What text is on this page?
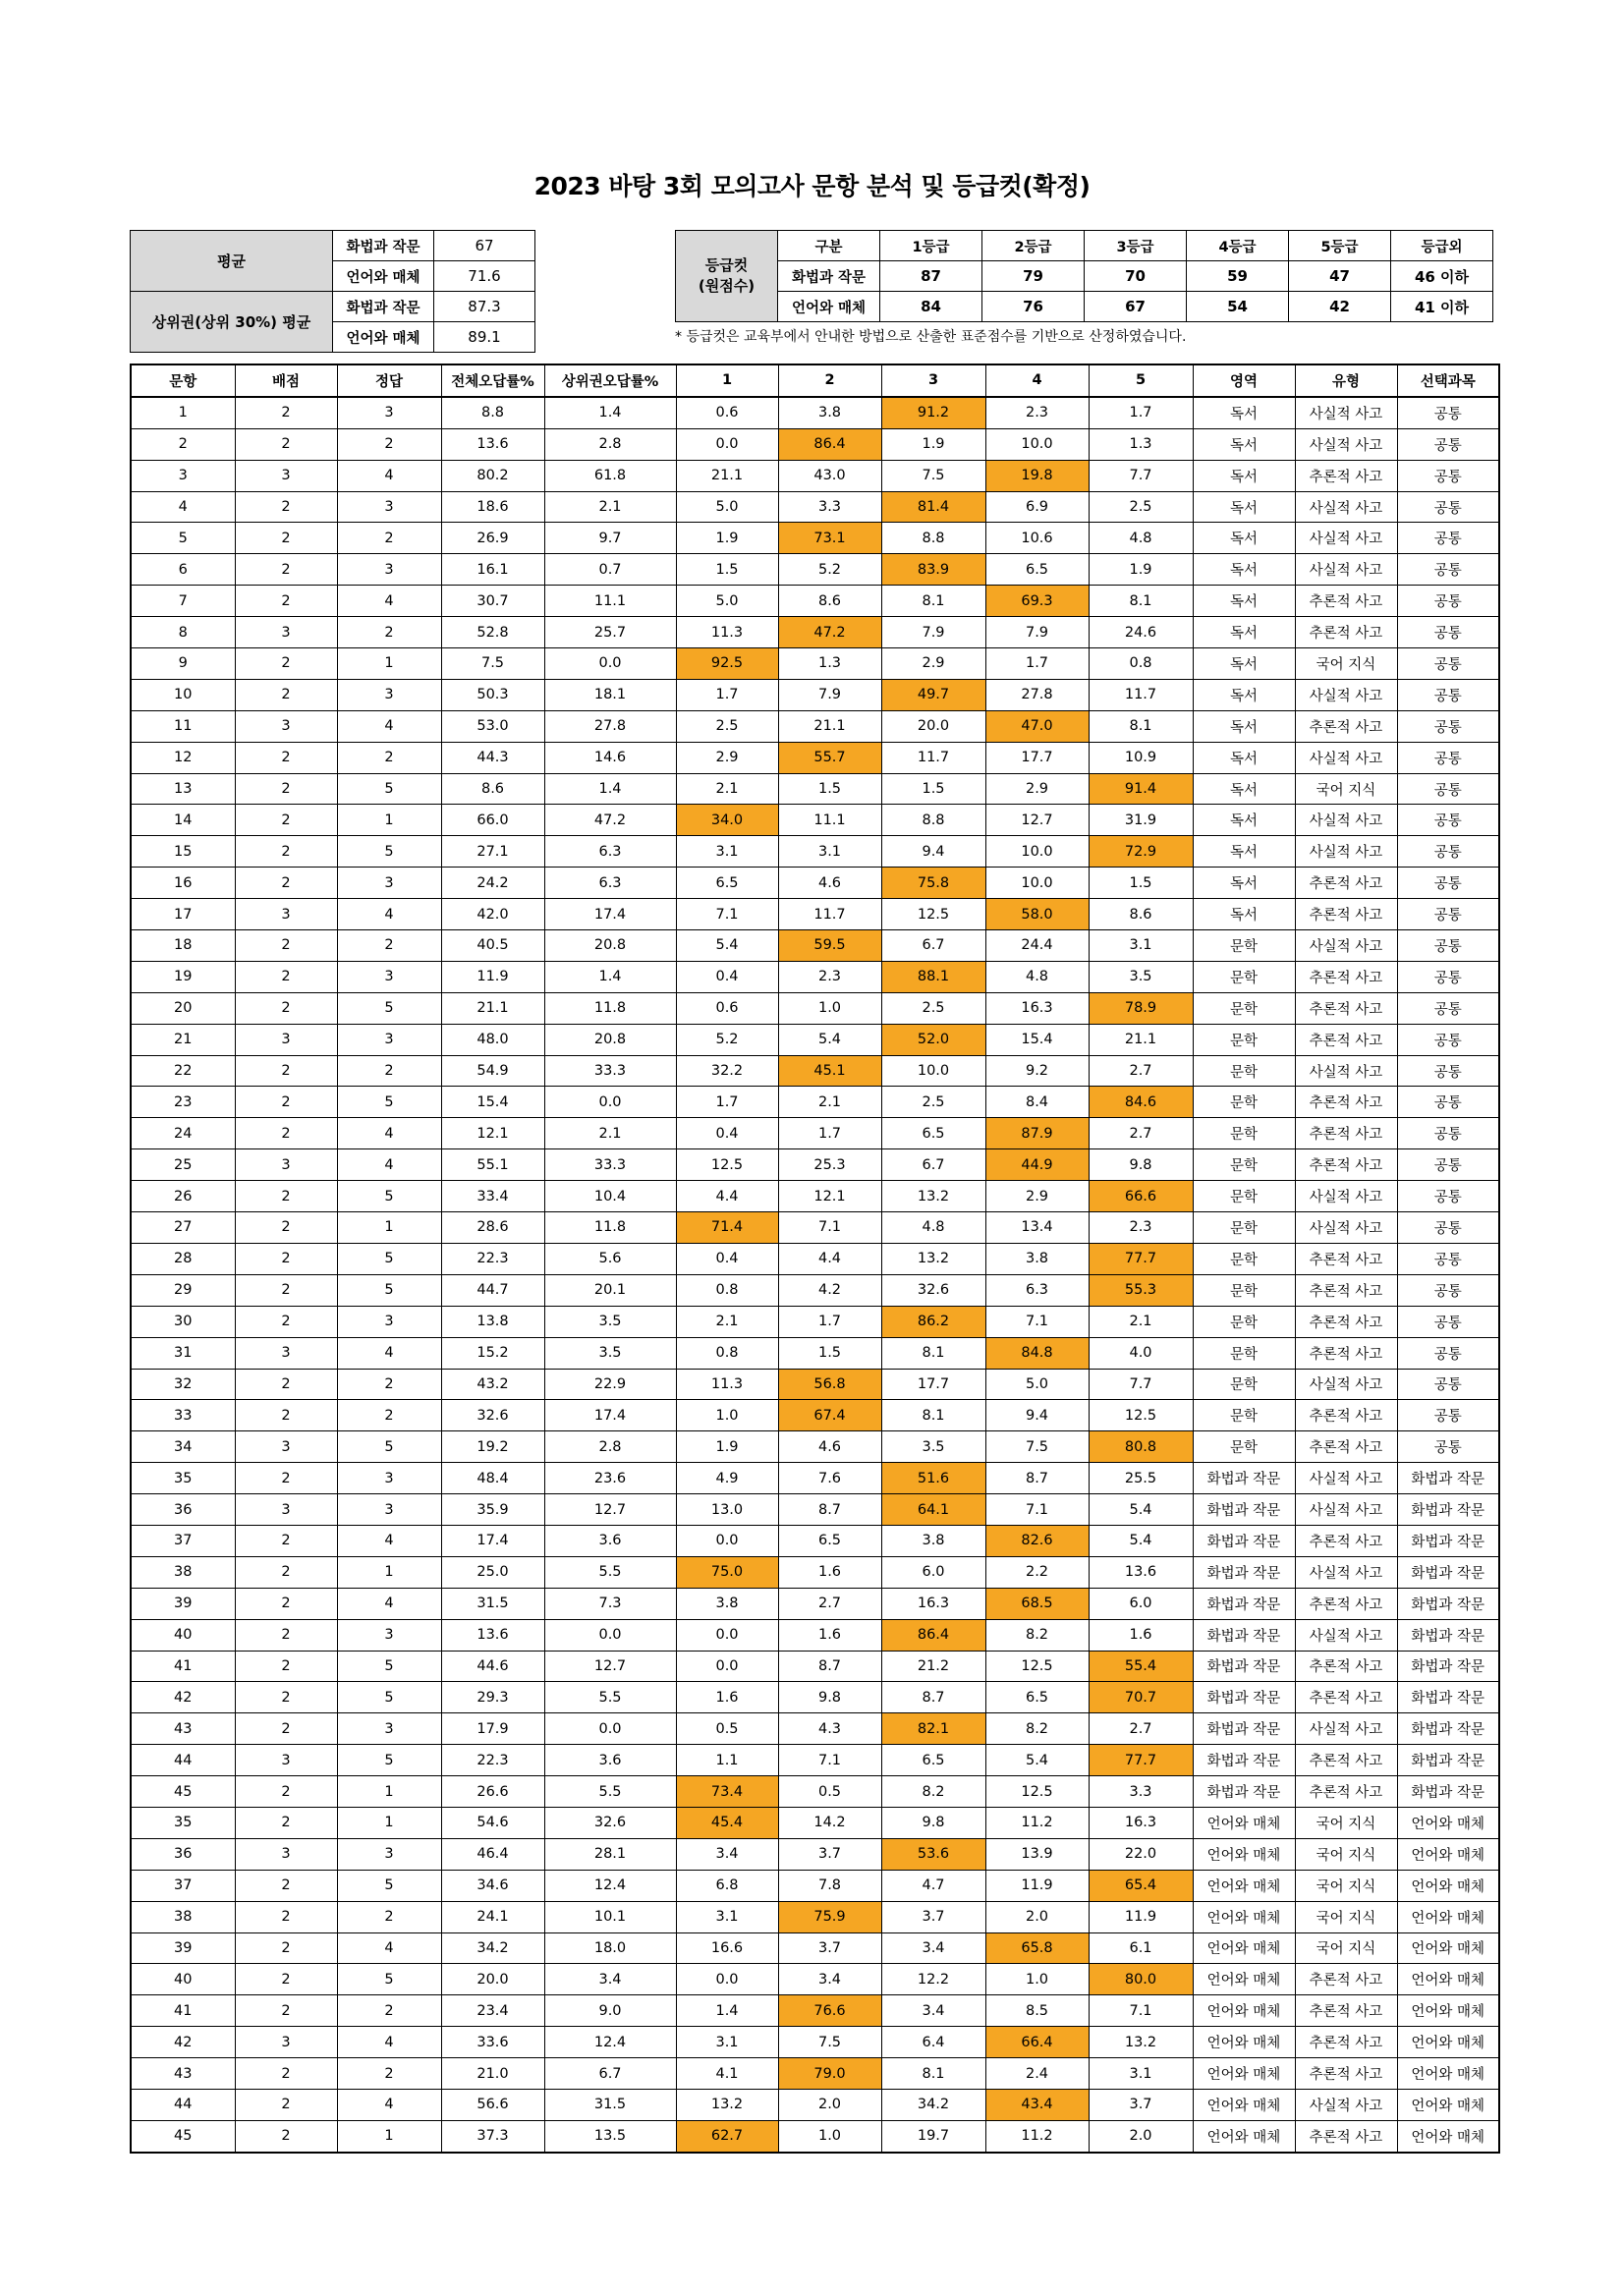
2023 바탕 3회 모의고사 문항 분석 및 등급컷(확정)
평균	화법과 작문	67
	언어와 매체	71.6
상위권(상위 30%) 평균	화법과 작문	87.3
	언어와 매체	89.1
등급컷
(원점수)	구분	1등급	2등급	3등급	4등급	5등급	등급외
	화법과 작문	87	79	70	59	47	46 이하
	언어와 매체	84	76	67	54	42	41 이하
* 등급컷은 교육부에서 안내한 방법으로 산출한 표준점수를 기반으로 산정하였습니다.
문항	배점	정답	전체오답률%	상위권오답률%	1	2	3	4	5	영역	유형	선택과목
1	2	3	8.8	1.4	0.6	3.8	91.2	2.3	1.7	독서	사실적 사고	공통
2	2	2	13.6	2.8	0.0	86.4	1.9	10.0	1.3	독서	사실적 사고	공통
3	3	4	80.2	61.8	21.1	43.0	7.5	19.8	7.7	독서	추론적 사고	공통
4	2	3	18.6	2.1	5.0	3.3	81.4	6.9	2.5	독서	사실적 사고	공통
5	2	2	26.9	9.7	1.9	73.1	8.8	10.6	4.8	독서	사실적 사고	공통
6	2	3	16.1	0.7	1.5	5.2	83.9	6.5	1.9	독서	사실적 사고	공통
7	2	4	30.7	11.1	5.0	8.6	8.1	69.3	8.1	독서	추론적 사고	공통
8	3	2	52.8	25.7	11.3	47.2	7.9	7.9	24.6	독서	추론적 사고	공통
9	2	1	7.5	0.0	92.5	1.3	2.9	1.7	0.8	독서	국어 지식	공통
10	2	3	50.3	18.1	1.7	7.9	49.7	27.8	11.7	독서	사실적 사고	공통
11	3	4	53.0	27.8	2.5	21.1	20.0	47.0	8.1	독서	추론적 사고	공통
12	2	2	44.3	14.6	2.9	55.7	11.7	17.7	10.9	독서	사실적 사고	공통
13	2	5	8.6	1.4	2.1	1.5	1.5	2.9	91.4	독서	국어 지식	공통
14	2	1	66.0	47.2	34.0	11.1	8.8	12.7	31.9	독서	사실적 사고	공통
15	2	5	27.1	6.3	3.1	3.1	9.4	10.0	72.9	독서	사실적 사고	공통
16	2	3	24.2	6.3	6.5	4.6	75.8	10.0	1.5	독서	추론적 사고	공통
17	3	4	42.0	17.4	7.1	11.7	12.5	58.0	8.6	독서	추론적 사고	공통
18	2	2	40.5	20.8	5.4	59.5	6.7	24.4	3.1	문학	사실적 사고	공통
19	2	3	11.9	1.4	0.4	2.3	88.1	4.8	3.5	문학	추론적 사고	공통
20	2	5	21.1	11.8	0.6	1.0	2.5	16.3	78.9	문학	추론적 사고	공통
21	3	3	48.0	20.8	5.2	5.4	52.0	15.4	21.1	문학	추론적 사고	공통
22	2	2	54.9	33.3	32.2	45.1	10.0	9.2	2.7	문학	사실적 사고	공통
23	2	5	15.4	0.0	1.7	2.1	2.5	8.4	84.6	문학	추론적 사고	공통
24	2	4	12.1	2.1	0.4	1.7	6.5	87.9	2.7	문학	추론적 사고	공통
25	3	4	55.1	33.3	12.5	25.3	6.7	44.9	9.8	문학	추론적 사고	공통
26	2	5	33.4	10.4	4.4	12.1	13.2	2.9	66.6	문학	사실적 사고	공통
27	2	1	28.6	11.8	71.4	7.1	4.8	13.4	2.3	문학	사실적 사고	공통
28	2	5	22.3	5.6	0.4	4.4	13.2	3.8	77.7	문학	추론적 사고	공통
29	2	5	44.7	20.1	0.8	4.2	32.6	6.3	55.3	문학	추론적 사고	공통
30	2	3	13.8	3.5	2.1	1.7	86.2	7.1	2.1	문학	추론적 사고	공통
31	3	4	15.2	3.5	0.8	1.5	8.1	84.8	4.0	문학	추론적 사고	공통
32	2	2	43.2	22.9	11.3	56.8	17.7	5.0	7.7	문학	사실적 사고	공통
33	2	2	32.6	17.4	1.0	67.4	8.1	9.4	12.5	문학	추론적 사고	공통
34	3	5	19.2	2.8	1.9	4.6	3.5	7.5	80.8	문학	추론적 사고	공통
35	2	3	48.4	23.6	4.9	7.6	51.6	8.7	25.5	화법과 작문	사실적 사고	화법과 작문
36	3	3	35.9	12.7	13.0	8.7	64.1	7.1	5.4	화법과 작문	사실적 사고	화법과 작문
37	2	4	17.4	3.6	0.0	6.5	3.8	82.6	5.4	화법과 작문	추론적 사고	화법과 작문
38	2	1	25.0	5.5	75.0	1.6	6.0	2.2	13.6	화법과 작문	사실적 사고	화법과 작문
39	2	4	31.5	7.3	3.8	2.7	16.3	68.5	6.0	화법과 작문	추론적 사고	화법과 작문
40	2	3	13.6	0.0	0.0	1.6	86.4	8.2	1.6	화법과 작문	사실적 사고	화법과 작문
41	2	5	44.6	12.7	0.0	8.7	21.2	12.5	55.4	화법과 작문	추론적 사고	화법과 작문
42	2	5	29.3	5.5	1.6	9.8	8.7	6.5	70.7	화법과 작문	추론적 사고	화법과 작문
43	2	3	17.9	0.0	0.5	4.3	82.1	8.2	2.7	화법과 작문	사실적 사고	화법과 작문
44	3	5	22.3	3.6	1.1	7.1	6.5	5.4	77.7	화법과 작문	추론적 사고	화법과 작문
45	2	1	26.6	5.5	73.4	0.5	8.2	12.5	3.3	화법과 작문	추론적 사고	화법과 작문
35	2	1	54.6	32.6	45.4	14.2	9.8	11.2	16.3	언어와 매체	국어 지식	언어와 매체
36	3	3	46.4	28.1	3.4	3.7	53.6	13.9	22.0	언어와 매체	국어 지식	언어와 매체
37	2	5	34.6	12.4	6.8	7.8	4.7	11.9	65.4	언어와 매체	국어 지식	언어와 매체
38	2	2	24.1	10.1	3.1	75.9	3.7	2.0	11.9	언어와 매체	국어 지식	언어와 매체
39	2	4	34.2	18.0	16.6	3.7	3.4	65.8	6.1	언어와 매체	국어 지식	언어와 매체
40	2	5	20.0	3.4	0.0	3.4	12.2	1.0	80.0	언어와 매체	추론적 사고	언어와 매체
41	2	2	23.4	9.0	1.4	76.6	3.4	8.5	7.1	언어와 매체	추론적 사고	언어와 매체
42	3	4	33.6	12.4	3.1	7.5	6.4	66.4	13.2	언어와 매체	추론적 사고	언어와 매체
43	2	2	21.0	6.7	4.1	79.0	8.1	2.4	3.1	언어와 매체	추론적 사고	언어와 매체
44	2	4	56.6	31.5	13.2	2.0	34.2	43.4	3.7	언어와 매체	사실적 사고	언어와 매체
45	2	1	37.3	13.5	62.7	1.0	19.7	11.2	2.0	언어와 매체	추론적 사고	언어와 매체
